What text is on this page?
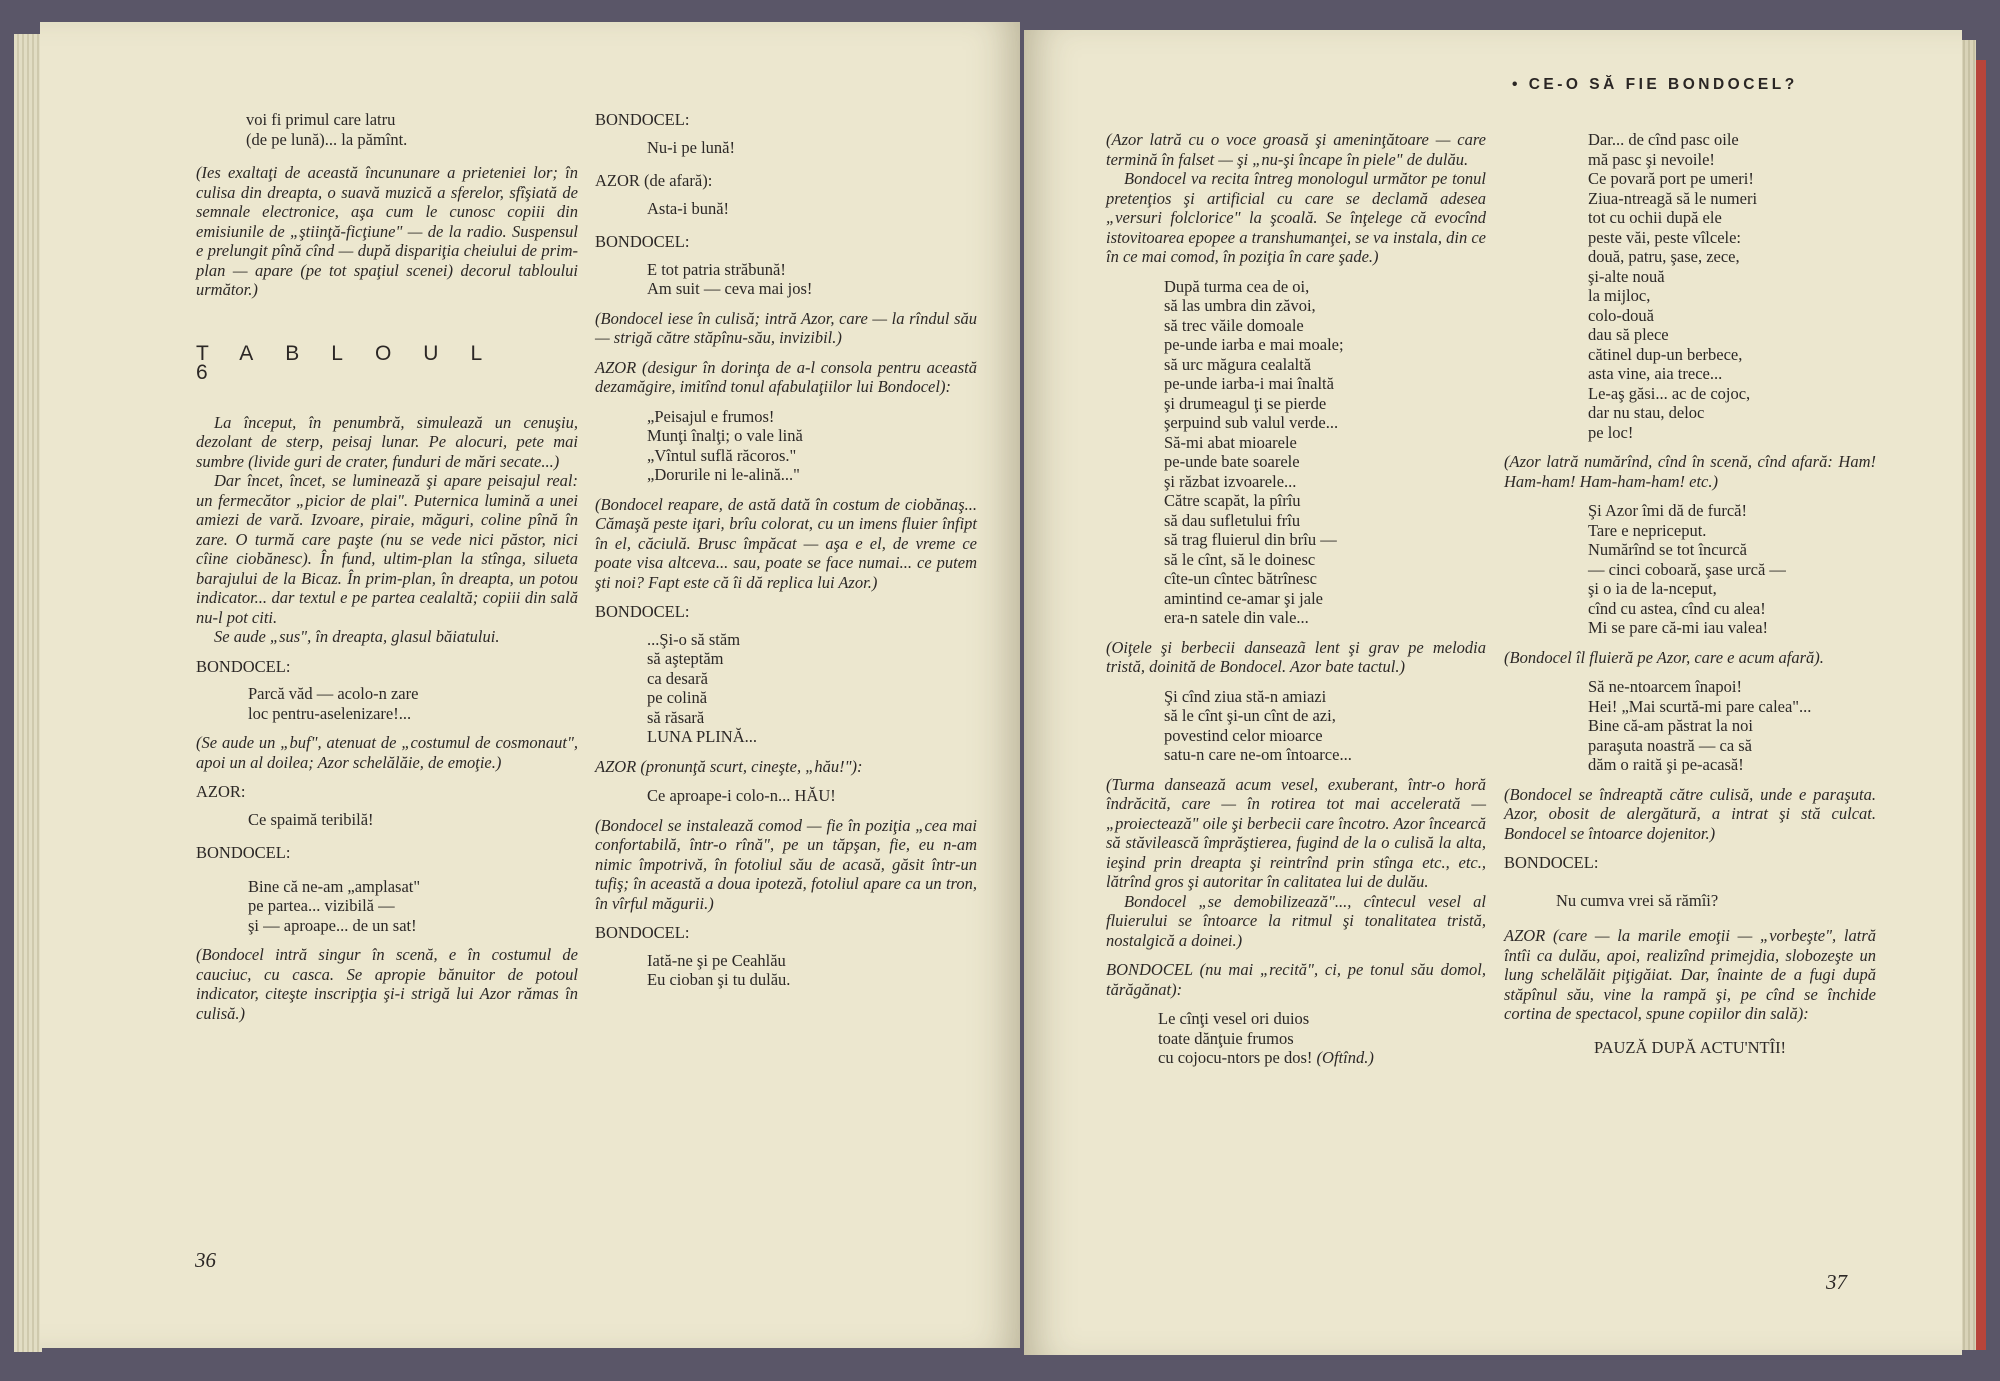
voi fi primul care latru
(de pe lună)... la pămînt.

(Ies exaltaţi de această încununare a prieteniei lor; în culisa din dreapta, o suavă muzică a sferelor, sfîşiată de semnale electronice, aşa cum le cunosc copiii din emisiunile de „ştiinţă-ficţiune" — de la radio. Suspensul e prelungit pînă cînd — după dispariţia cheiului de prim-plan — apare (pe tot spaţiul scenei) decorul tabloului următor.)

TABLOUL 6

La început, în penumbră, simulează un cenuşiu, dezolant de sterp, peisaj lunar. Pe alocuri, pete mai sumbre (livide guri de crater, funduri de mări secate...)

Dar încet, încet, se luminează şi apare peisajul real: un fermecător „picior de plai". Puternica lumină a unei amiezi de vară. Izvoare, piraie, măguri, coline pînă în zare. O turmă care paşte (nu se vede nici păstor, nici cîine ciobănesc). În fund, ultim-plan la stînga, silueta barajului de la Bicaz. În prim-plan, în dreapta, un potou indicator... dar textul e pe partea cealaltă; copiii din sală nu-l pot citi.

Se aude „sus", în dreapta, glasul băiatului.

BONDOCEL:

Parcă văd — acolo-n zare
loc pentru-aselenizare!...

(Se aude un „buf", atenuat de „costumul de cosmonaut", apoi un al doilea; Azor schelălăie, de emoţie.)

AZOR:

Ce spaimă teribilă!

BONDOCEL:

Bine că ne-am „amplasat"
pe partea... vizibilă —
şi — aproape... de un sat!

(Bondocel intră singur în scenă, e în costumul de cauciuc, cu casca. Se apropie bănuitor de potoul indicator, citeşte inscripţia şi-i strigă lui Azor rămas în culisă.)

BONDOCEL:

Nu-i pe lună!

AZOR (de afară):

Asta-i bună!

BONDOCEL:

E tot patria străbună!
Am suit — ceva mai jos!

(Bondocel iese în culisă; intră Azor, care — la rîndul său — strigă către stăpînu-său, invizibil.)

AZOR (desigur în dorinţa de a-l consola pentru această dezamăgire, imitînd tonul afabulaţiilor lui Bondocel):

„Peisajul e frumos!
Munţi înalţi; o vale lină
„Vîntul suflă răcoros."
„Dorurile ni le-alină..."

(Bondocel reapare, de astă dată în costum de ciobănaş... Cămaşă peste iţari, brîu colorat, cu un imens fluier înfipt în el, căciulă. Brusc împăcat — aşa e el, de vreme ce poate visa altceva... sau, poate se face numai... ce putem şti noi? Fapt este că îi dă replica lui Azor.)

BONDOCEL:

...Şi-o să stăm
să aşteptăm
ca desară
pe colină
să răsară
LUNA PLINĂ...

AZOR (pronunţă scurt, cineşte, „hău!"):

Ce aproape-i colo-n... HĂU!

(Bondocel se instalează comod — fie în poziţia „cea mai confortabilă, într-o rînă", pe un tăpşan, fie, eu n-am nimic împotrivă, în fotoliul său de acasă, găsit într-un tufiş; în această a doua ipoteză, fotoliul apare ca un tron, în vîrful măgurii.)

BONDOCEL:

Iată-ne şi pe Ceahlău
Eu cioban şi tu dulău.

36

(Azor latră cu o voce groasă şi ameninţătoare — care termină în falset — şi „nu-şi încape în piele" de dulău.

Bondocel va recita întreg monologul următor pe tonul pretenţios şi artificial cu care se declamă adesea „versuri folclorice" la şcoală. Se înţelege că evocînd istovitoarea epopee a transhumanţei, se va instala, din ce în ce mai comod, în poziţia în care şade.)

După turma cea de oi,
să las umbra din zăvoi,
să trec văile domoale
pe-unde iarba e mai moale;
să urc măgura cealaltă
pe-unde iarba-i mai înaltă
şi drumeagul ţi se pierde
şerpuind sub valul verde...
Să-mi abat mioarele
pe-unde bate soarele
şi răzbat izvoarele...
Către scapăt, la pîrîu
să dau sufletului frîu
să trag fluierul din brîu —
să le cînt, să le doinesc
cîte-un cîntec bătrînesc
amintind ce-amar şi jale
era-n satele din vale...

(Oiţele şi berbecii danseazã lent şi grav pe melodia tristă, doinită de Bondocel. Azor bate tactul.)

Şi cînd ziua stă-n amiazi
să le cînt şi-un cînt de azi,
povestind celor mioarce
satu-n care ne-om întoarce...

(Turma dansează acum vesel, exuberant, într-o horă îndrăcită, care — în rotirea tot mai accelerată — „proiectează" oile şi berbecii care încotro. Azor încearcă să stăvilească împrăştierea, fugind de la o culisă la alta, ieşind prin dreapta şi reintrînd prin stînga etc., etc., lătrînd gros şi autoritar în calitatea lui de dulău.

Bondocel „se demobilizează"..., cîntecul vesel al fluierului se întoarce la ritmul şi tonalitatea tristă, nostalgică a doinei.)

BONDOCEL (nu mai „recită", ci, pe tonul său domol, tărăgănat):

Le cînţi vesel ori duios
toate dănţuie frumos
cu cojocu-ntors pe dos! (Oftînd.)

Dar... de cînd pasc oile
mă pasc şi nevoile!
Ce povară port pe umeri!
Ziua-ntreagă să le numeri
tot cu ochii după ele
peste văi, peste vîlcele:
două, patru, şase, zece,
şi-alte nouă
la mijloc,
colo-două
dau să plece
cătinel dup-un berbece,
asta vine, aia trece...
Le-aş găsi... ac de cojoc,
dar nu stau, deloc
pe loc!

(Azor latră numărînd, cînd în scenă, cînd afară: Ham! Ham-ham! Ham-ham-ham! etc.)

Şi Azor îmi dă de furcă!
Tare e nepriceput.
Numărînd se tot încurcă
— cinci coboară, şase urcă —
şi o ia de la-nceput,
cînd cu astea, cînd cu alea!
Mi se pare că-mi iau valea!

(Bondocel îl fluieră pe Azor, care e acum afară).

Să ne-ntoarcem înapoi!
Hei! „Mai scurtă-mi pare calea"...
Bine că-am păstrat la noi
paraşuta noastră — ca să
dăm o raită şi pe-acasă!

(Bondocel se îndreaptă către culisă, unde e paraşuta. Azor, obosit de alergătură, a intrat şi stă culcat. Bondocel se întoarce dojenitor.)

BONDOCEL:

Nu cumva vrei să rămîi?

AZOR (care — la marile emoţii — „vorbeşte", latră întîi ca dulău, apoi, realizînd primejdia, slobozeşte un lung schelălăit piţigăiat. Dar, înainte de a fugi după stăpînul său, vine la rampă şi, pe cînd se închide cortina de spectacol, spune copiilor din sală):

PAUZĂ DUPĂ ACTU'NTÎI!

37
• CE-O SĂ FIE BONDOCEL?
